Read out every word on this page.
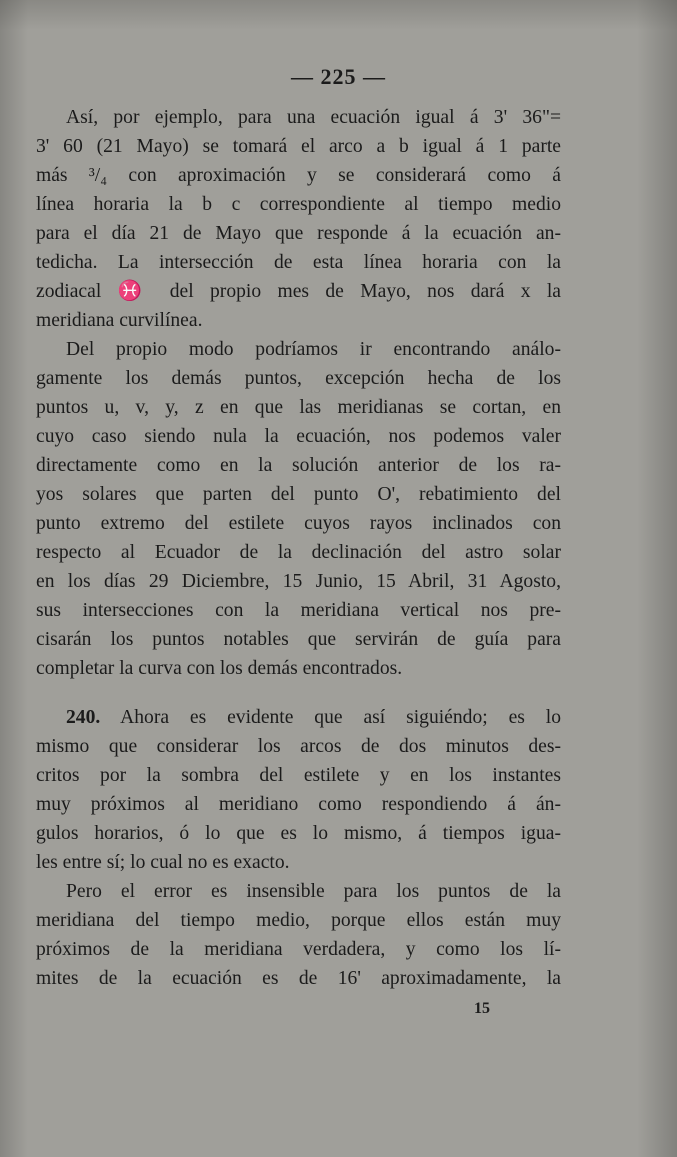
— 225 —
Así, por ejemplo, para una ecuación igual á 3' 36"=
3' 60 (21 Mayo) se tomará el arco a b igual á 1 parte
más ³/₄ con aproximación y se considerará como á
línea horaria la b c correspondiente al tiempo medio
para el día 21 de Mayo que responde á la ecuación an-
tedicha. La intersección de esta línea horaria con la
zodiacal ♓ del propio mes de Mayo, nos dará x la
meridiana curvilínea.
Del propio modo podríamos ir encontrando análo-
gamente los demás puntos, excepción hecha de los
puntos u, v, y, z en que las meridianas se cortan, en
cuyo caso siendo nula la ecuación, nos podemos valer
directamente como en la solución anterior de los ra-
yos solares que parten del punto O', rebatimiento del
punto extremo del estilete cuyos rayos inclinados con
respecto al Ecuador de la declinación del astro solar
en los días 29 Diciembre, 15 Junio, 15 Abril, 31 Agosto,
sus intersecciones con la meridiana vertical nos pre-
cisarán los puntos notables que servirán de guía para
completar la curva con los demás encontrados.
240. Ahora es evidente que así siguiéndo; es lo
mismo que considerar los arcos de dos minutos des-
critos por la sombra del estilete y en los instantes
muy próximos al meridiano como respondiendo á án-
gulos horarios, ó lo que es lo mismo, á tiempos igua-
les entre sí; lo cual no es exacto.
Pero el error es insensible para los puntos de la
meridiana del tiempo medio, porque ellos están muy
próximos de la meridiana verdadera, y como los lí-
mites de la ecuación es de 16' aproximadamente, la
15
